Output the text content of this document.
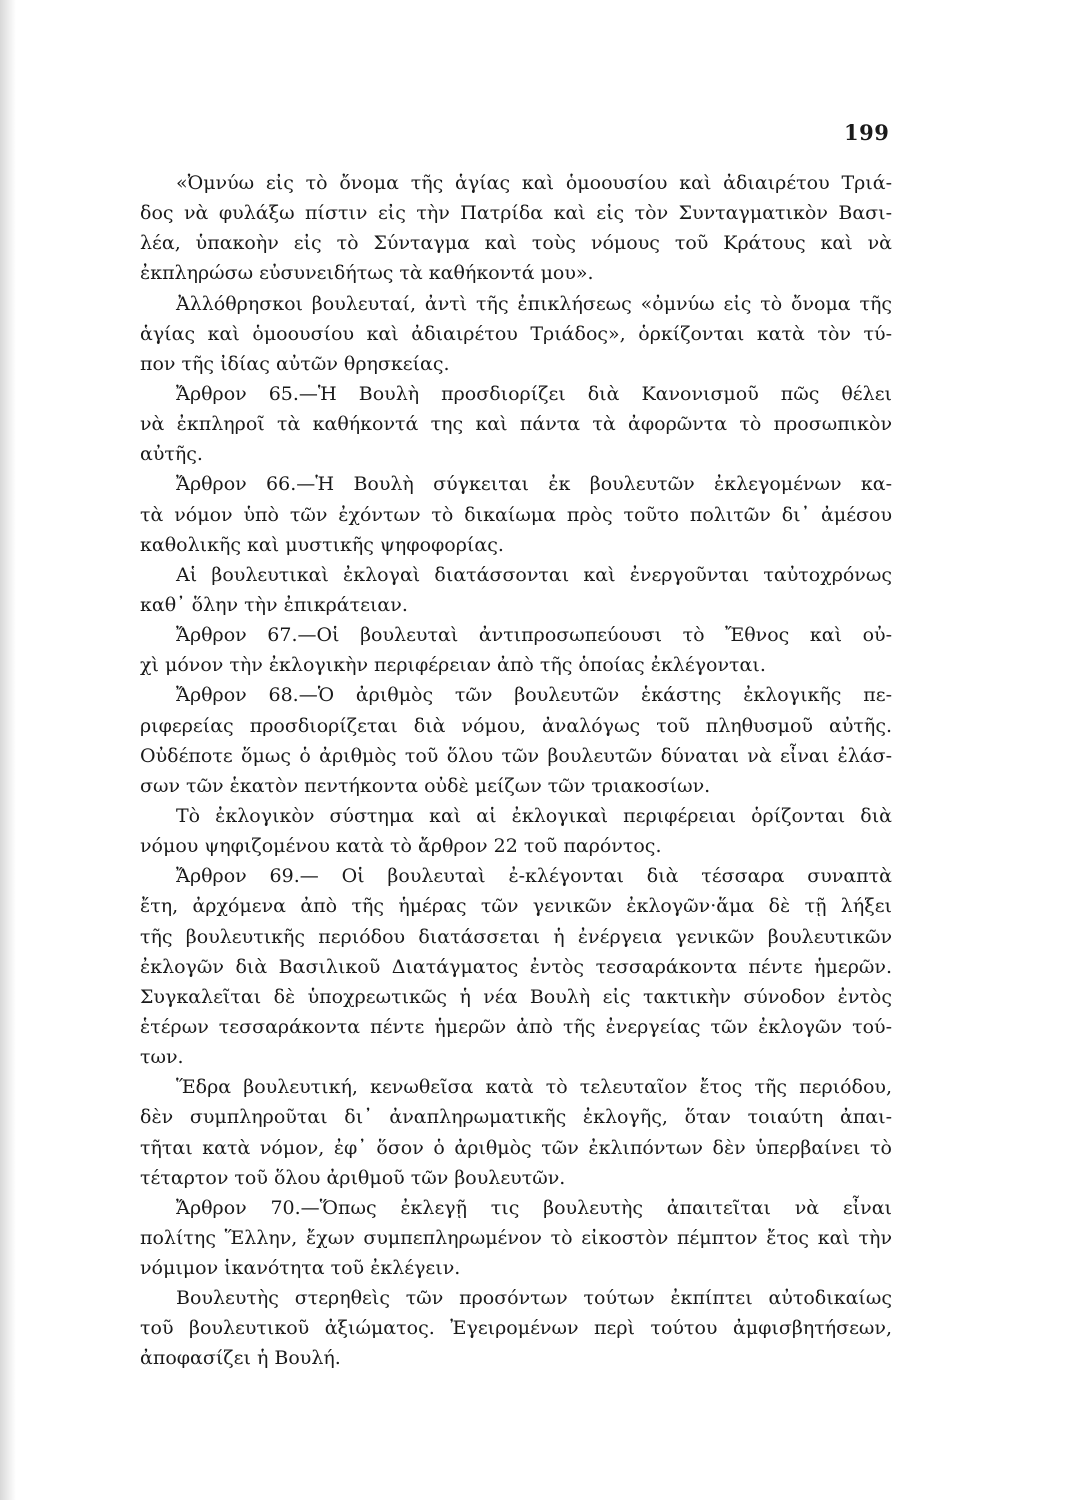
199
«Ὀμνύω εἰς τὸ ὄνομα τῆς ἁγίας καὶ ὁμοουσίου καὶ ἀδιαιρέτου Τριά-
δος νὰ φυλάξω πίστιν εἰς τὴν Πατρίδα καὶ εἰς τὸν Συνταγματικὸν Βασι-
λέα, ὑπακοὴν εἰς τὸ Σύνταγμα καὶ τοὺς νόμους τοῦ Κράτους καὶ νὰ
ἐκπληρώσω εὐσυνειδήτως τὰ καθήκοντά μου».
Ἀλλόθρησκοι βουλευταί, ἀντὶ τῆς ἐπικλήσεως «ὀμνύω εἰς τὸ ὄνομα τῆς
ἁγίας καὶ ὁμοουσίου καὶ ἀδιαιρέτου Τριάδος», ὁρκίζονται κατὰ τὸν τύ-
πον τῆς ἰδίας αὐτῶν θρησκείας.
Ἄρθρον 65.—Ἡ Βουλὴ προσδιορίζει διὰ Κανονισμοῦ πῶς θέλει
νὰ ἐκπληροῖ τὰ καθήκοντά της καὶ πάντα τὰ ἀφορῶντα τὸ προσωπικὸν
αὐτῆς.
Ἄρθρον 66.—Ἡ Βουλὴ σύγκειται ἐκ βουλευτῶν ἐκλεγομένων κα-
τὰ νόμον ὑπὸ τῶν ἐχόντων τὸ δικαίωμα πρὸς τοῦτο πολιτῶν δι᾽ ἀμέσου
καθολικῆς καὶ μυστικῆς ψηφοφορίας.
Αἱ βουλευτικαὶ ἐκλογαὶ διατάσσονται καὶ ἐνεργοῦνται ταὐτοχρόνως
καθ᾽ ὅλην τὴν ἐπικράτειαν.
Ἄρθρον 67.—Οἱ βουλευταὶ ἀντιπροσωπεύουσι τὸ Ἔθνος καὶ οὐ-
χὶ μόνον τὴν ἐκλογικὴν περιφέρειαν ἀπὸ τῆς ὁποίας ἐκλέγονται.
Ἄρθρον 68.—Ὁ ἀριθμὸς τῶν βουλευτῶν ἑκάστης ἐκλογικῆς πε-
ριφερείας προσδιορίζεται διὰ νόμου, ἀναλόγως τοῦ πληθυσμοῦ αὐτῆς.
Οὐδέποτε ὅμως ὁ ἀριθμὸς τοῦ ὅλου τῶν βουλευτῶν δύναται νὰ εἶναι ἐλάσ-
σων τῶν ἑκατὸν πεντήκοντα οὐδὲ μείζων τῶν τριακοσίων.
Τὸ ἐκλογικὸν σύστημα καὶ αἱ ἐκλογικαὶ περιφέρειαι ὁρίζονται διὰ
νόμου ψηφιζομένου κατὰ τὸ ἄρθρον 22 τοῦ παρόντος.
Ἄρθρον 69.— Οἱ βουλευταὶ ἐ-κλέγονται διὰ τέσσαρα συναπτὰ
ἔτη, ἀρχόμενα ἀπὸ τῆς ἡμέρας τῶν γενικῶν ἐκλογῶν·ἅμα δὲ τῇ λήξει
τῆς βουλευτικῆς περιόδου διατάσσεται ἡ ἐνέργεια γενικῶν βουλευτικῶν
ἐκλογῶν διὰ Βασιλικοῦ Διατάγματος ἐντὸς τεσσαράκοντα πέντε ἡμερῶν.
Συγκαλεῖται δὲ ὑποχρεωτικῶς ἡ νέα Βουλὴ εἰς τακτικὴν σύνοδον ἐντὸς
ἑτέρων τεσσαράκοντα πέντε ἡμερῶν ἀπὸ τῆς ἐνεργείας τῶν ἐκλογῶν τού-
των.
Ἕδρα βουλευτική, κενωθεῖσα κατὰ τὸ τελευταῖον ἔτος τῆς περιόδου,
δὲν συμπληροῦται δι᾽ ἀναπληρωματικῆς ἐκλογῆς, ὅταν τοιαύτη ἀπαι-
τῆται κατὰ νόμον, ἐφ᾽ ὅσον ὁ ἀριθμὸς τῶν ἐκλιπόντων δὲν ὑπερβαίνει τὸ
τέταρτον τοῦ ὅλου ἀριθμοῦ τῶν βουλευτῶν.
Ἄρθρον 70.—Ὅπως ἐκλεγῇ τις βουλευτὴς ἀπαιτεῖται νὰ εἶναι
πολίτης Ἕλλην, ἔχων συμπεπληρωμένον τὸ εἰκοστὸν πέμπτον ἔτος καὶ τὴν
νόμιμον ἱκανότητα τοῦ ἐκλέγειν.
Βουλευτὴς στερηθεὶς τῶν προσόντων τούτων ἐκπίπτει αὐτοδικαίως
τοῦ βουλευτικοῦ ἀξιώματος. Ἐγειρομένων περὶ τούτου ἀμφισβητήσεων,
ἀποφασίζει ἡ Βουλή.
